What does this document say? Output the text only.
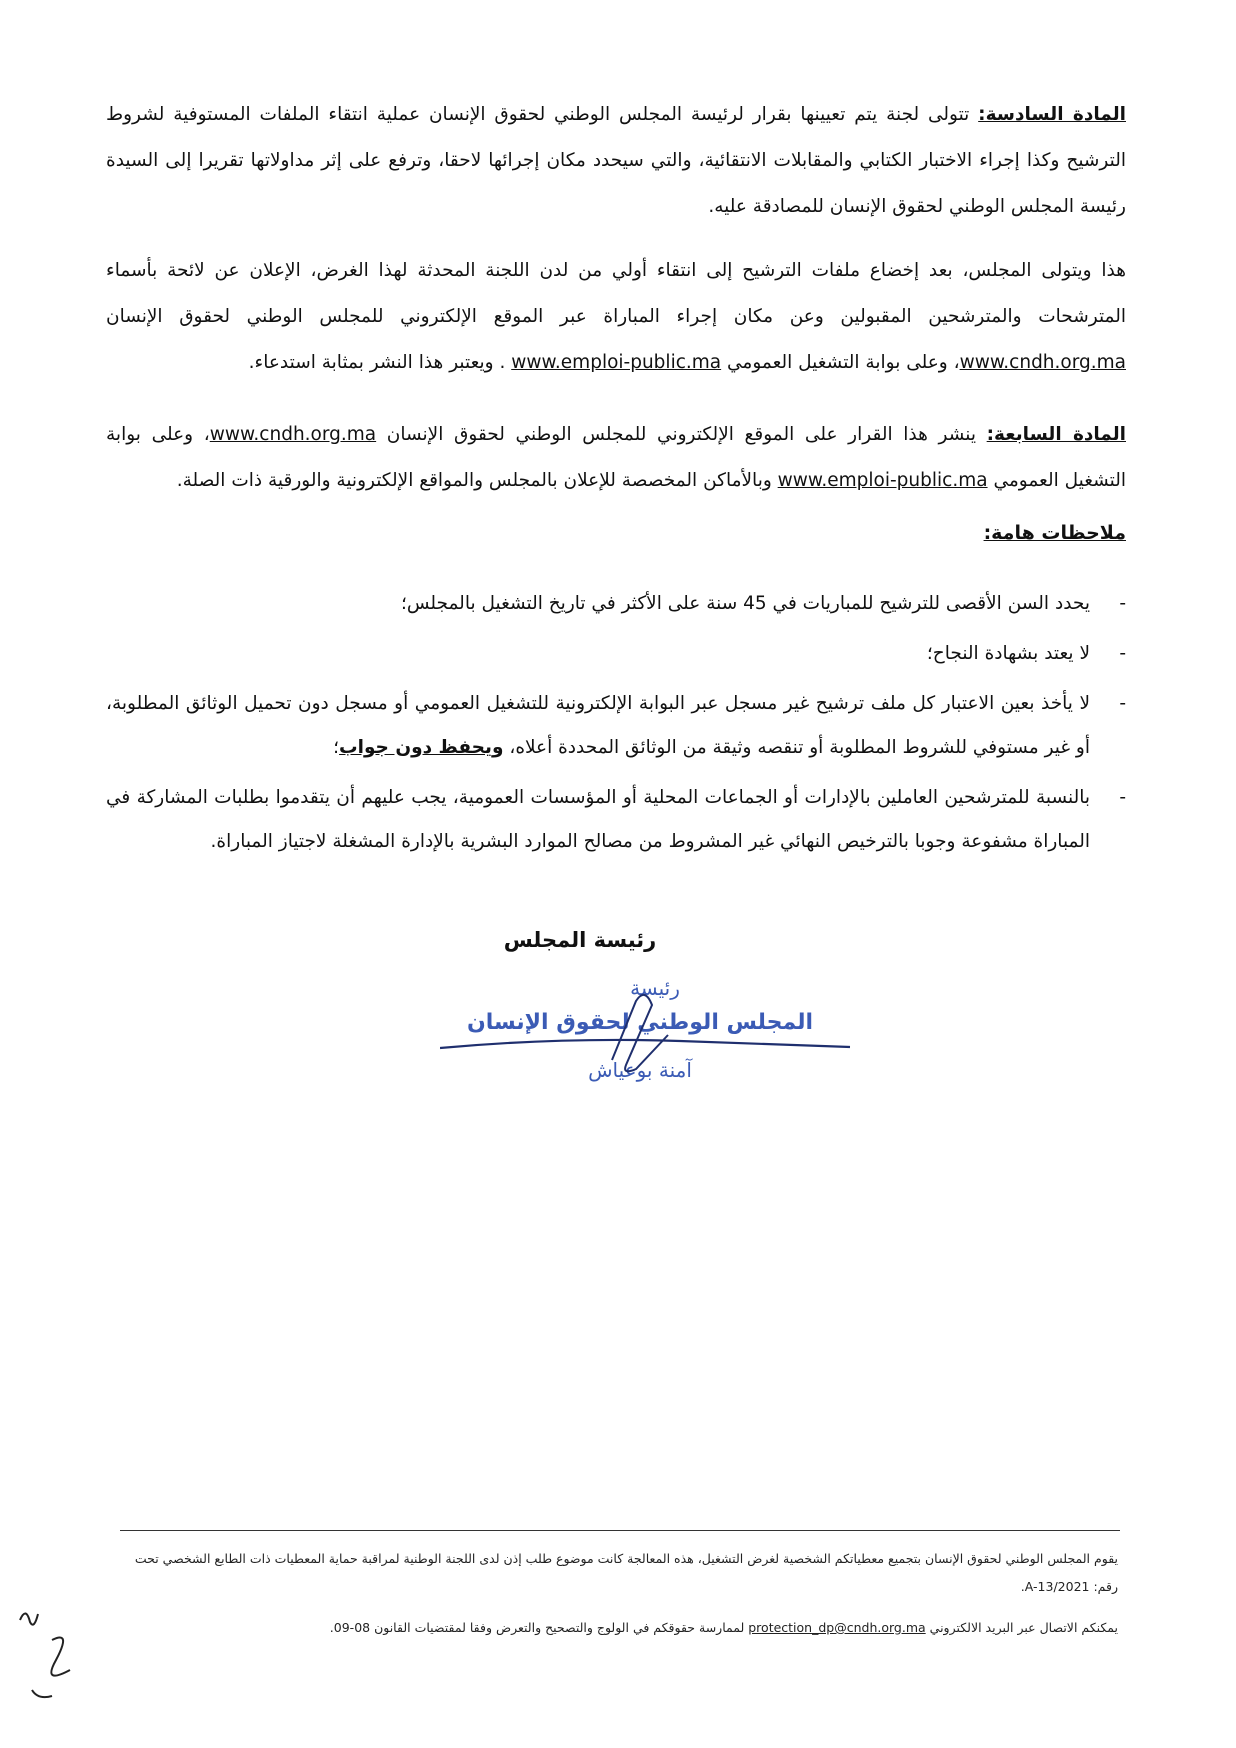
المادة السادسة: تتولى لجنة يتم تعيينها بقرار لرئيسة المجلس الوطني لحقوق الإنسان عملية انتقاء الملفات المستوفية لشروط الترشيح وكذا إجراء الاختبار الكتابي والمقابلات الانتقائية، والتي سيحدد مكان إجرائها لاحقا، وترفع على إثر مداولاتها تقريرا إلى السيدة رئيسة المجلس الوطني لحقوق الإنسان للمصادقة عليه.

هذا ويتولى المجلس، بعد إخضاع ملفات الترشيح إلى انتقاء أولي من لدن اللجنة المحدثة لهذا الغرض، الإعلان عن لائحة بأسماء المترشحات والمترشحين المقبولين وعن مكان إجراء المباراة عبر الموقع الإلكتروني للمجلس الوطني لحقوق الإنسان www.cndh.org.ma، وعلى بوابة التشغيل العمومي www.emploi-public.ma . ويعتبر هذا النشر بمثابة استدعاء.

المادة السابعة: ينشر هذا القرار على الموقع الإلكتروني للمجلس الوطني لحقوق الإنسان www.cndh.org.ma، وعلى بوابة التشغيل العمومي www.emploi-public.ma وبالأماكن المخصصة للإعلان بالمجلس والمواقع الإلكترونية والورقية ذات الصلة.

ملاحظات هامة:
-
يحدد السن الأقصى للترشيح للمباريات في 45 سنة على الأكثر في تاريخ التشغيل بالمجلس؛
-
لا يعتد بشهادة النجاح؛
-
لا يأخذ بعين الاعتبار كل ملف ترشيح غير مسجل عبر البوابة الإلكترونية للتشغيل العمومي أو مسجل دون تحميل الوثائق المطلوبة، أو غير مستوفي للشروط المطلوبة أو تنقصه وثيقة من الوثائق المحددة أعلاه، ويحفظ دون جواب؛
-
بالنسبة للمترشحين العاملين بالإدارات أو الجماعات المحلية أو المؤسسات العمومية، يجب عليهم أن يتقدموا بطلبات المشاركة في المباراة مشفوعة وجوبا بالترخيص النهائي غير المشروط من مصالح الموارد البشرية بالإدارة المشغلة لاجتياز المباراة.
رئيسة المجلس
رئيسة
المجلس الوطني لحقوق الإنسان
آمنة بوعياش
يقوم المجلس الوطني لحقوق الإنسان بتجميع معطياتكم الشخصية لغرض التشغيل، هذه المعالجة كانت موضوع طلب إذن لدى اللجنة الوطنية لمراقبة حماية المعطيات ذات الطابع الشخصي تحت رقم: A-13/2021.
يمكنكم الاتصال عبر البريد الالكتروني protection_dp@cndh.org.ma لممارسة حقوقكم في الولوج والتصحيح والتعرض وفقا لمقتضيات القانون 08-09.
